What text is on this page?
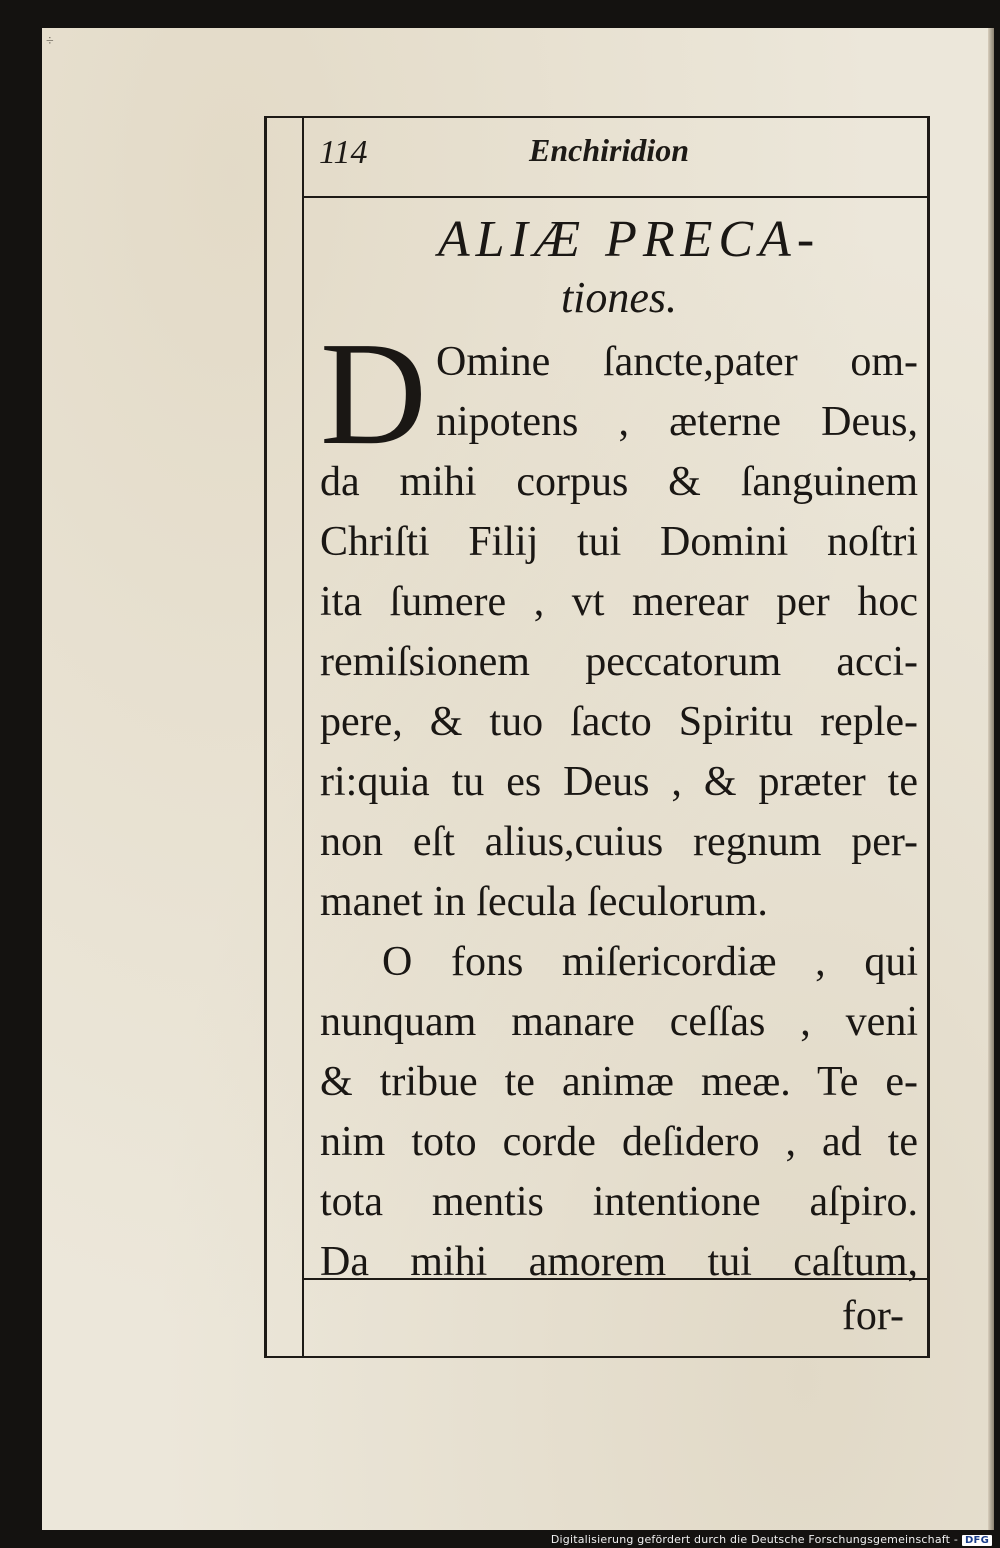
÷
114	Enchiridion
ALIÆ PRECA-
tiones.
D Omine ſancte,pater om-
nipotens , æterne Deus,
da mihi corpus & ſanguinem
Chriſti Filij tui Domini noſtri
ita ſumere , vt merear per hoc
remiſsionem peccatorum acci-
pere, & tuo ſacto Spiritu reple-
ri:quia tu es Deus , & præter te
non eſt alius,cuius regnum per-
manet in ſecula ſeculorum.
O fons miſericordiæ , qui
nunquam manare ceſſas , veni
& tribue te animæ meæ. Te e-
nim toto corde deſidero , ad te
tota mentis intentione aſpiro.
Da mihi amorem tui caſtum,
for-
Digitalisierung gefördert durch die Deutsche Forschungsgemeinschaft - DFG
